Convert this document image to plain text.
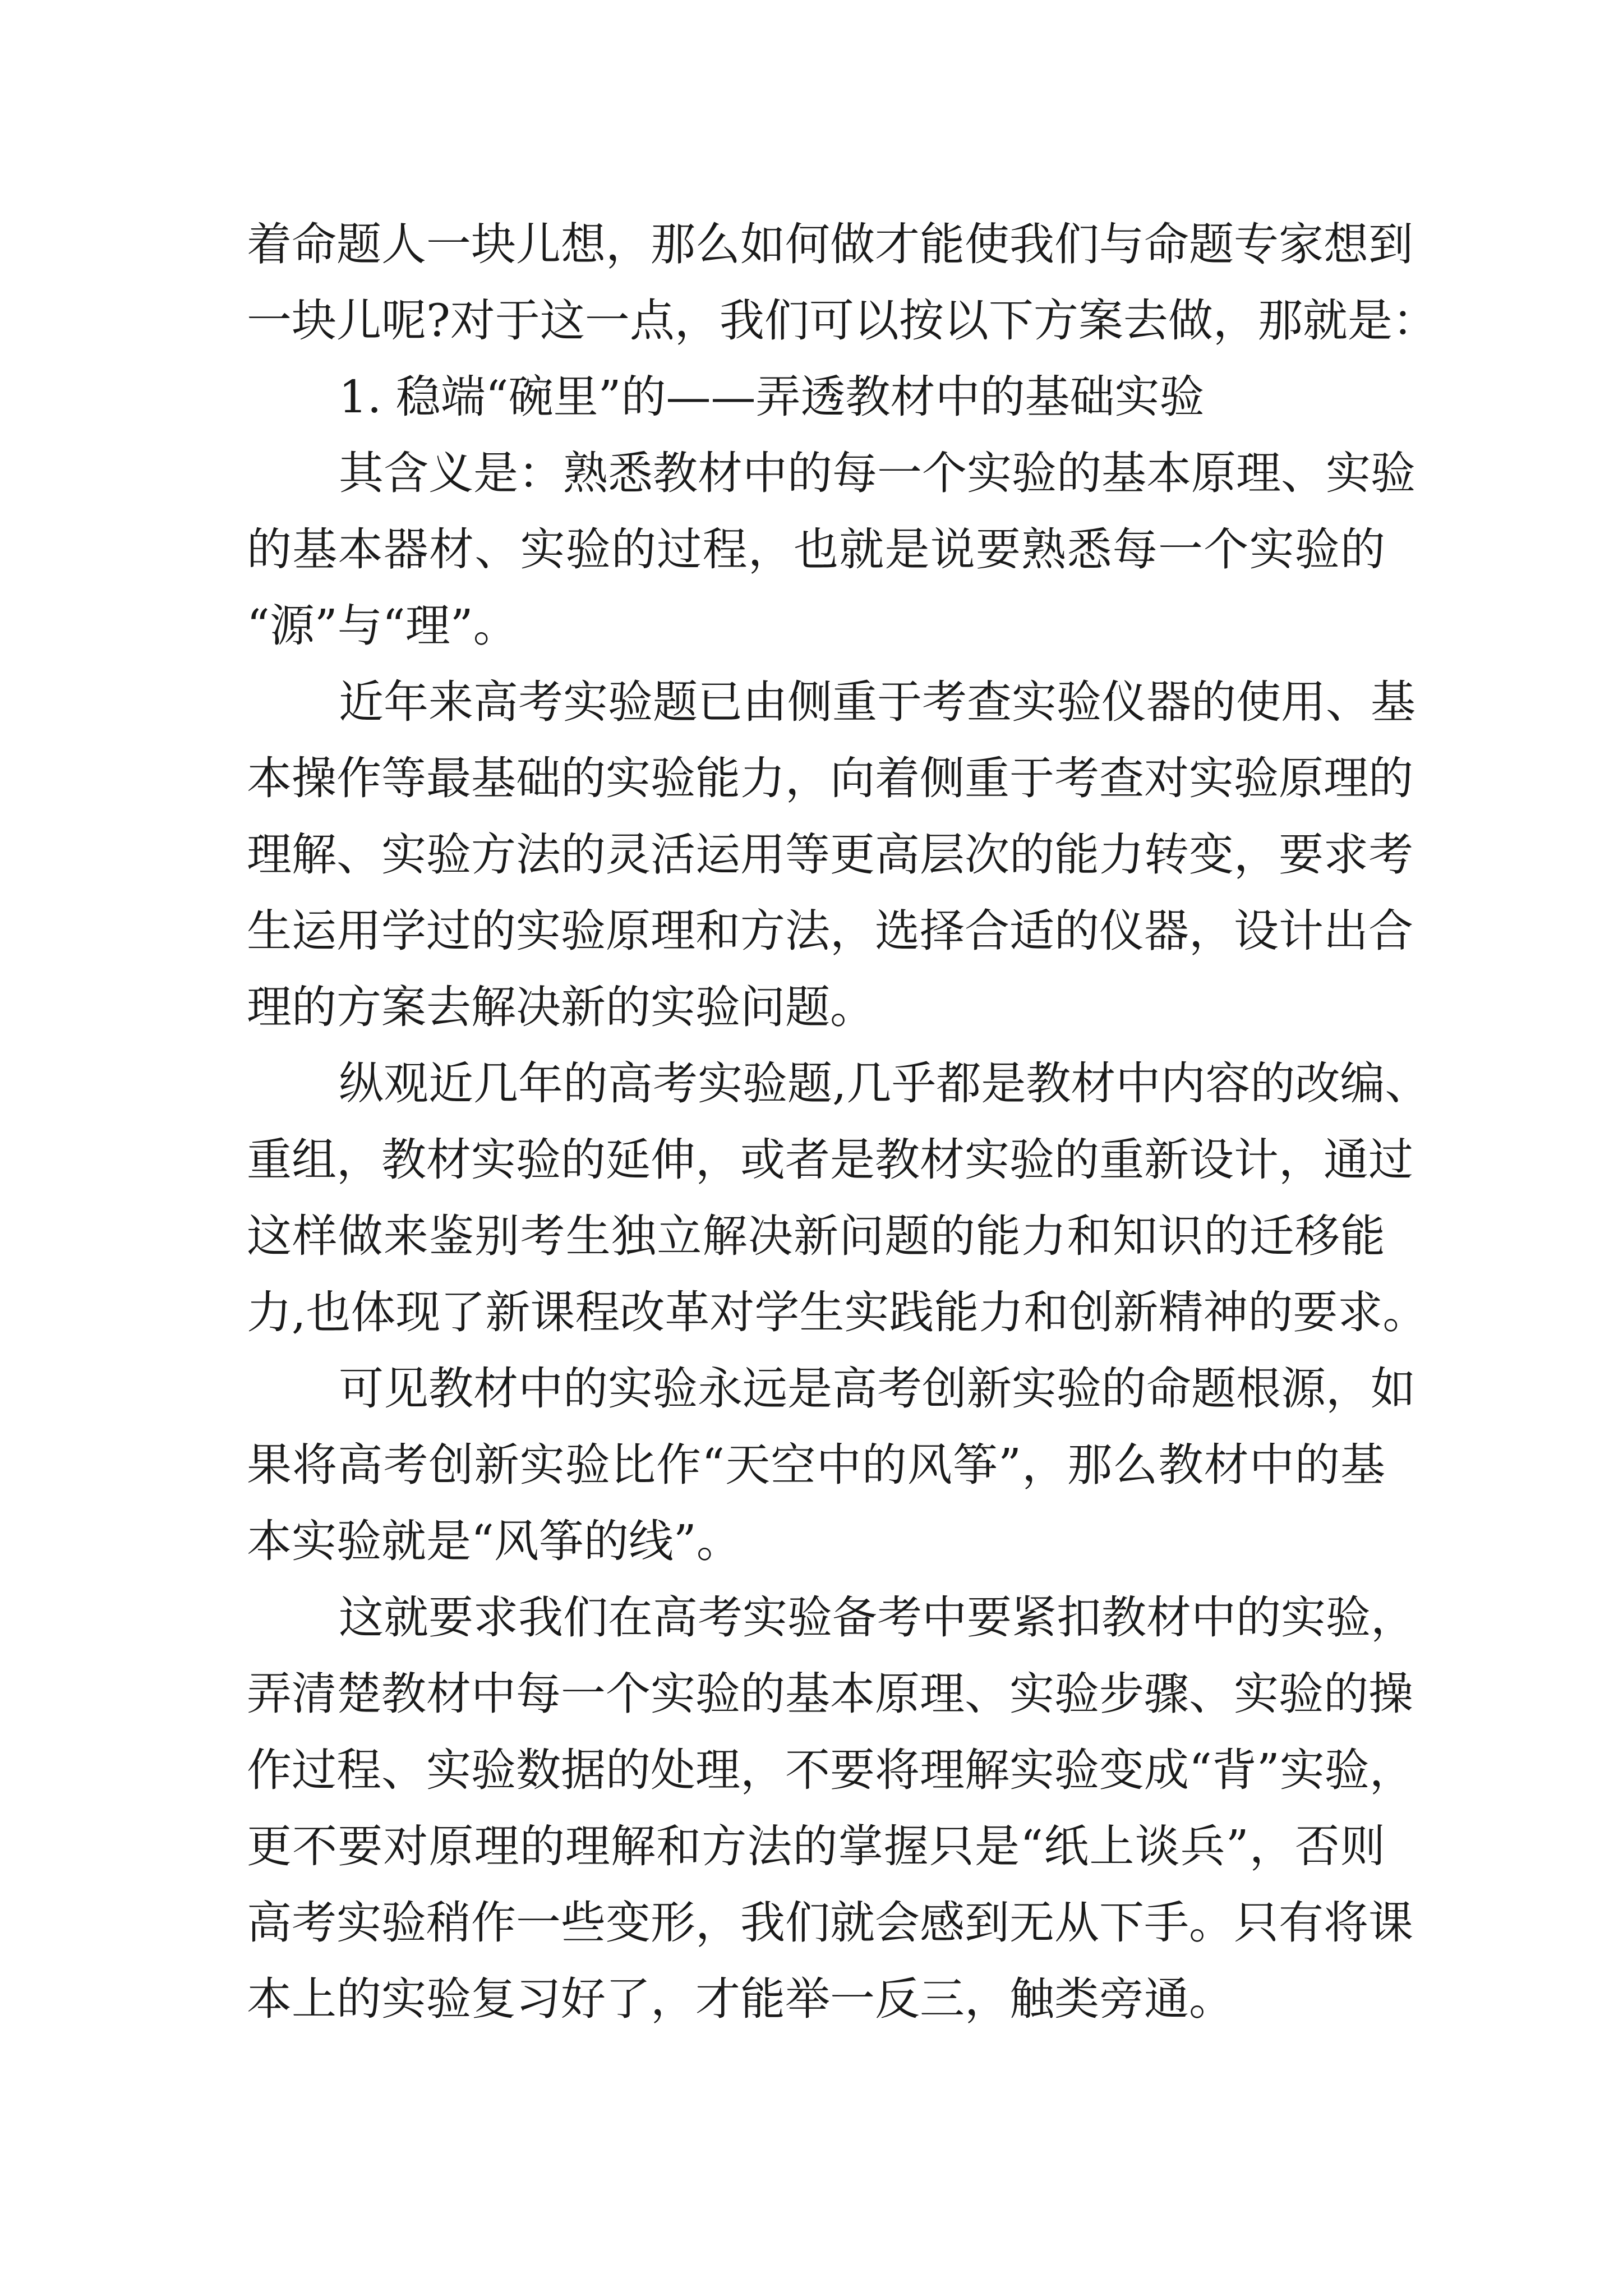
着命题人一块儿想，那么如何做才能使我们与命题专家想到
一块儿呢?对于这一点，我们可以按以下方案去做，那就是：
1. 稳端“碗里”的——弄透教材中的基础实验
其含义是：熟悉教材中的每一个实验的基本原理、实验
的基本器材、实验的过程，也就是说要熟悉每一个实验的
“源”与“理”。
近年来高考实验题已由侧重于考查实验仪器的使用、基
本操作等最基础的实验能力，向着侧重于考查对实验原理的
理解、实验方法的灵活运用等更高层次的能力转变，要求考
生运用学过的实验原理和方法，选择合适的仪器，设计出合
理的方案去解决新的实验问题。
纵观近几年的高考实验题,几乎都是教材中内容的改编、
重组，教材实验的延伸，或者是教材实验的重新设计，通过
这样做来鉴别考生独立解决新问题的能力和知识的迁移能
力,也体现了新课程改革对学生实践能力和创新精神的要求。
可见教材中的实验永远是高考创新实验的命题根源，如
果将高考创新实验比作“天空中的风筝”，那么教材中的基
本实验就是“风筝的线”。
这就要求我们在高考实验备考中要紧扣教材中的实验，
弄清楚教材中每一个实验的基本原理、实验步骤、实验的操
作过程、实验数据的处理，不要将理解实验变成“背”实验，
更不要对原理的理解和方法的掌握只是“纸上谈兵”，否则
高考实验稍作一些变形，我们就会感到无从下手。只有将课
本上的实验复习好了，才能举一反三，触类旁通。
